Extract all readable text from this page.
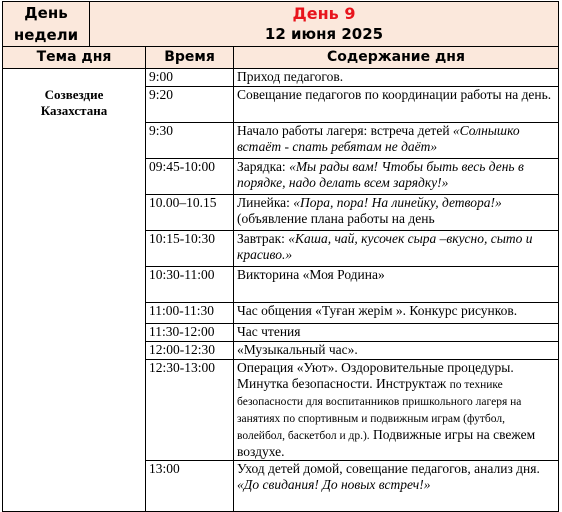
День
недели

День 9
12 июня 2025
Тема дня	Время	Содержание дня

Созвездие
Казахстана	9:00	Приход педагогов.
	9:20	Совещание педагогов по координации работы на день.
	9:30	Начало работы лагеря: встреча детей «Солнышко встаёт - спать ребятам не даёт»
	09:45-10:00	Зарядка: «Мы рады вам! Чтобы быть весь день в порядке, надо делать всем зарядку!»
	10.00–10.15	Линейка: «Пора, пора! На линейку, детвора!» (объявление плана работы на день
	10:15-10:30	Завтрак: «Каша, чай, кусочек сыра –вкусно, сыто и красиво.»
	10:30-11:00	Викторина «Моя Родина»
	11:00-11:30	Час общения «Туған жерім ». Конкурс рисунков.
	11:30-12:00	Час чтения
	12:00-12:30	«Музыкальный час».
	12:30-13:00	Операция «Уют». Оздоровительные процедуры. Минутка безопасности. Инструктаж по технике безопасности для воспитанников пришкольного лагеря на занятиях по спортивным и подвижным играм (футбол, волейбол, баскетбол и др.). Подвижные игры на свежем воздухе.
	13:00	Уход детей домой, совещание педагогов, анализ дня.
«До свидания! До новых встреч!»
